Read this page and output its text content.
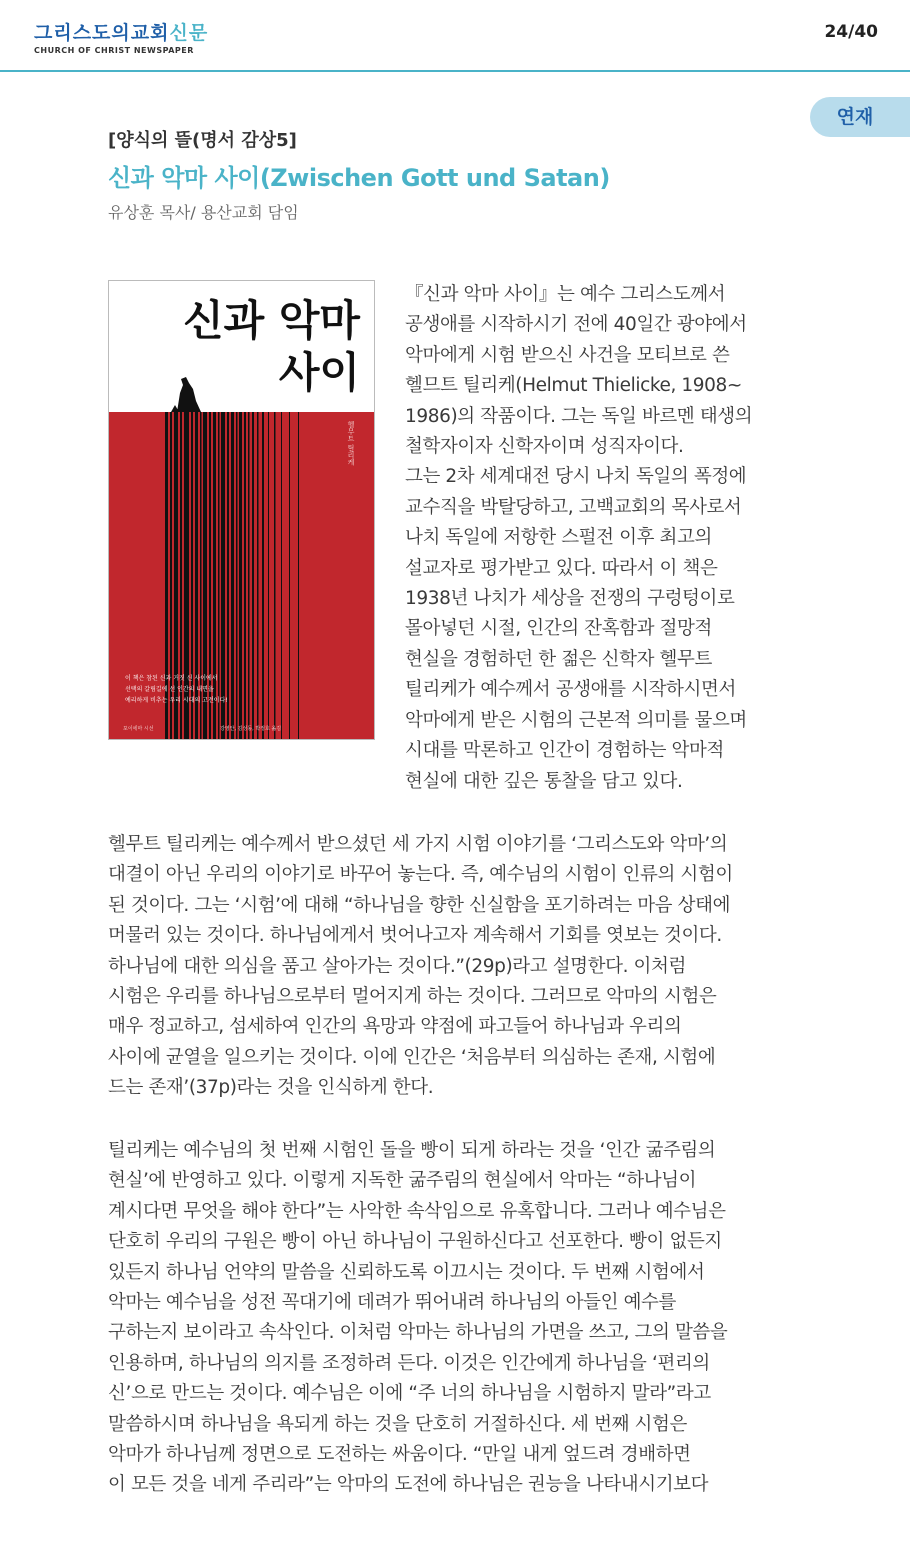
그리스도의교회신문
CHURCH OF CHRIST NEWSPAPER
24/40
연재
[양식의 뜰(명서 감상5]
신과 악마 사이(Zwischen Gott und Satan)
유상훈 목사/ 용산교회 담임
신과 악마
사이
헬무트 틸리케
이 책은 참된 신과 거짓 신 사이에서
선택의 갈림길에 선 인간의 내면을
예리하게 비추는 우리 시대의 고전이다!
포이에마 시선	강영안, 김성동, 박정호 옮김
『신과 악마 사이』는 예수 그리스도께서
공생애를 시작하시기 전에 40일간 광야에서
악마에게 시험 받으신 사건을 모티브로 쓴
헬므트 틸리케(Helmut Thielicke, 1908~
1986)의 작품이다. 그는 독일 바르멘 태생의
철학자이자 신학자이며 성직자이다.
그는 2차 세계대전 당시 나치 독일의 폭정에
교수직을 박탈당하고, 고백교회의 목사로서
나치 독일에 저항한 스펄전 이후 최고의
설교자로 평가받고 있다. 따라서 이 책은
1938년 나치가 세상을 전쟁의 구렁텅이로
몰아넣던 시절, 인간의 잔혹함과 절망적
현실을 경험하던 한 젊은 신학자 헬무트
틸리케가 예수께서 공생애를 시작하시면서
악마에게 받은 시험의 근본적 의미를 물으며
시대를 막론하고 인간이 경험하는 악마적
현실에 대한 깊은 통찰을 담고 있다.
헬무트 틸리케는 예수께서 받으셨던 세 가지 시험 이야기를 ‘그리스도와 악마’의
대결이 아닌 우리의 이야기로 바꾸어 놓는다. 즉, 예수님의 시험이 인류의 시험이
된 것이다. 그는 ‘시험’에 대해 “하나님을 향한 신실함을 포기하려는 마음 상태에
머물러 있는 것이다. 하나님에게서 벗어나고자 계속해서 기회를 엿보는 것이다.
하나님에 대한 의심을 품고 살아가는 것이다.”(29p)라고 설명한다. 이처럼
시험은 우리를 하나님으로부터 멀어지게 하는 것이다. 그러므로 악마의 시험은
매우 정교하고, 섬세하여 인간의 욕망과 약점에 파고들어 하나님과 우리의
사이에 균열을 일으키는 것이다. 이에 인간은 ‘처음부터 의심하는 존재, 시험에
드는 존재’(37p)라는 것을 인식하게 한다.
틸리케는 예수님의 첫 번째 시험인 돌을 빵이 되게 하라는 것을 ‘인간 굶주림의
현실’에 반영하고 있다. 이렇게 지독한 굶주림의 현실에서 악마는 “하나님이
계시다면 무엇을 해야 한다”는 사악한 속삭임으로 유혹합니다. 그러나 예수님은
단호히 우리의 구원은 빵이 아닌 하나님이 구원하신다고 선포한다. 빵이 없든지
있든지 하나님 언약의 말씀을 신뢰하도록 이끄시는 것이다. 두 번째 시험에서
악마는 예수님을 성전 꼭대기에 데려가 뛰어내려 하나님의 아들인 예수를
구하는지 보이라고 속삭인다. 이처럼 악마는 하나님의 가면을 쓰고, 그의 말씀을
인용하며, 하나님의 의지를 조정하려 든다. 이것은 인간에게 하나님을 ‘편리의
신’으로 만드는 것이다. 예수님은 이에 “주 너의 하나님을 시험하지 말라”라고
말씀하시며 하나님을 욕되게 하는 것을 단호히 거절하신다. 세 번째 시험은
악마가 하나님께 정면으로 도전하는 싸움이다. “만일 내게 엎드려 경배하면
이 모든 것을 네게 주리라”는 악마의 도전에 하나님은 권능을 나타내시기보다
